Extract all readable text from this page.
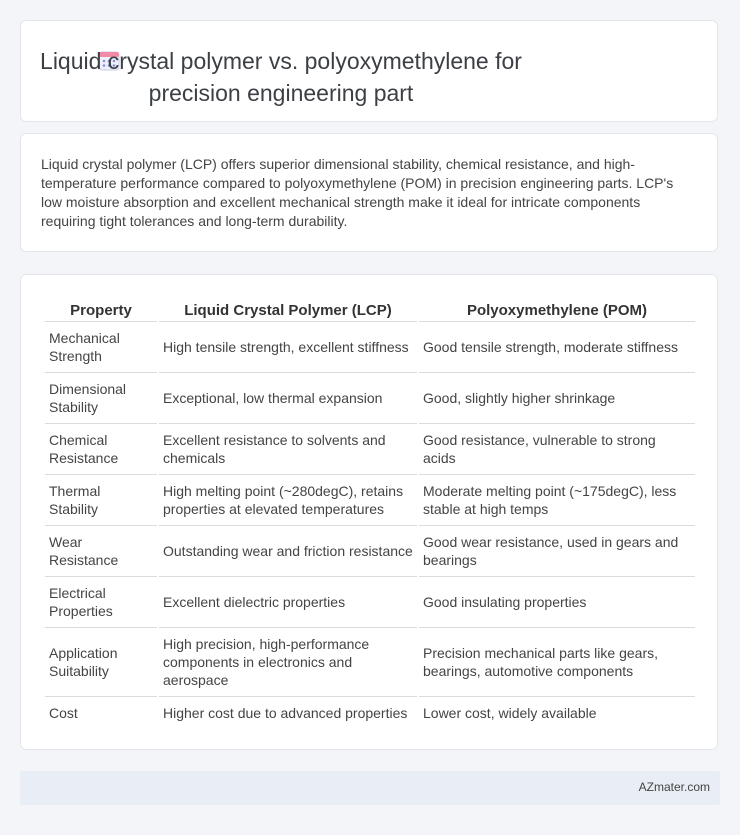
Liquid crystal polymer vs. polyoxymethylene for precision engineering part

Liquid crystal polymer (LCP) offers superior dimensional stability, chemical resistance, and high-temperature performance compared to polyoxymethylene (POM) in precision engineering parts. LCP's low moisture absorption and excellent mechanical strength make it ideal for intricate components requiring tight tolerances and long-term durability.

Property	Liquid Crystal Polymer (LCP)	Polyoxymethylene (POM)
Mechanical Strength	High tensile strength, excellent stiffness	Good tensile strength, moderate stiffness
Dimensional Stability	Exceptional, low thermal expansion	Good, slightly higher shrinkage
Chemical Resistance	Excellent resistance to solvents and chemicals	Good resistance, vulnerable to strong acids
Thermal Stability	High melting point (~280degC), retains properties at elevated temperatures	Moderate melting point (~175degC), less stable at high temps
Wear Resistance	Outstanding wear and friction resistance	Good wear resistance, used in gears and bearings
Electrical Properties	Excellent dielectric properties	Good insulating properties
Application Suitability	High precision, high-performance components in electronics and aerospace	Precision mechanical parts like gears, bearings, automotive components
Cost	Higher cost due to advanced properties	Lower cost, widely available
AZmater.com
